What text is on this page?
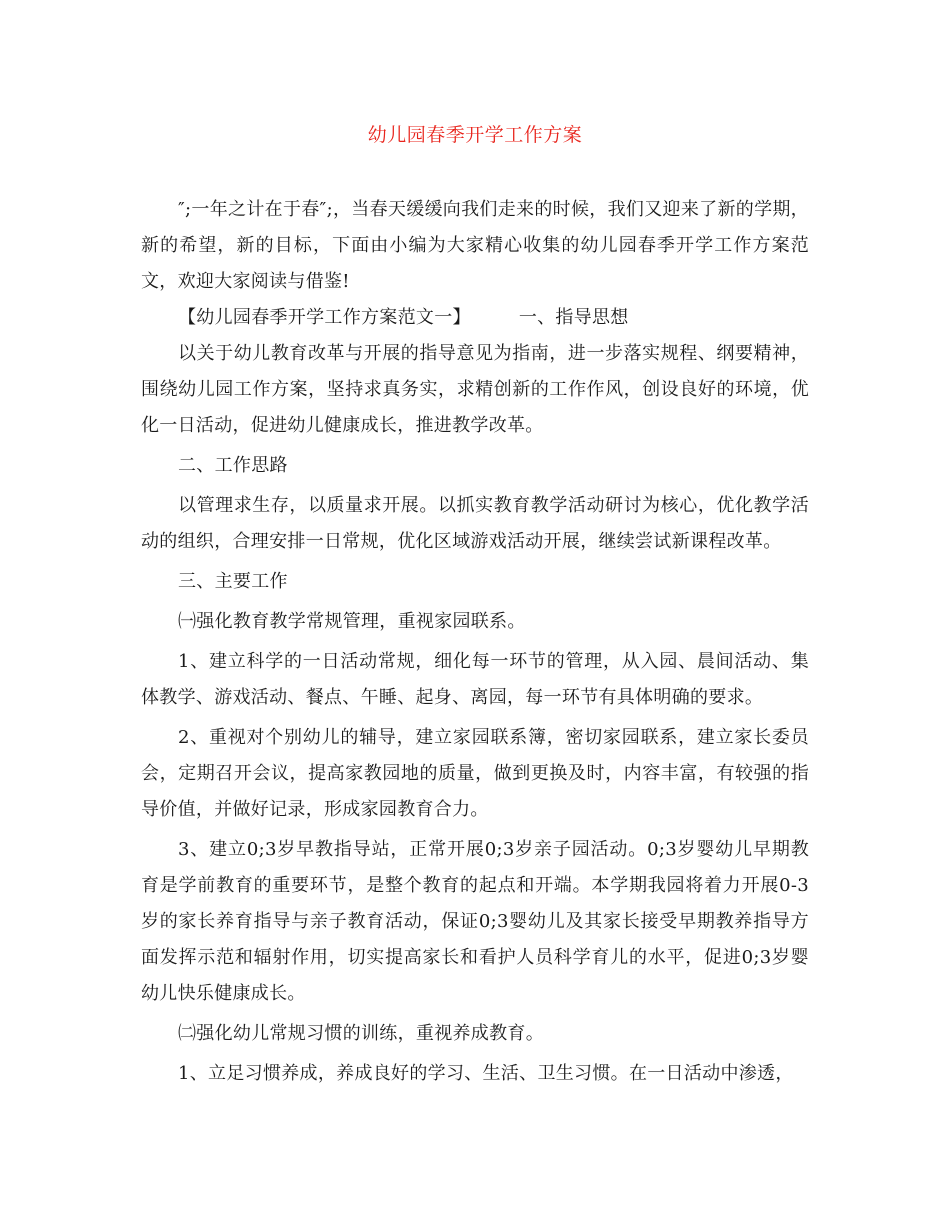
幼儿园春季开学工作方案

″;一年之计在于春″;，当春天缓缓向我们走来的时候，我们又迎来了新的学期，新的希望，新的目标，下面由小编为大家精心收集的幼儿园春季开学工作方案范文，欢迎大家阅读与借鉴!

【幼儿园春季开学工作方案范文一】	一、指导思想

以关于幼儿教育改革与开展的指导意见为指南，进一步落实规程、纲要精神，围绕幼儿园工作方案，坚持求真务实，求精创新的工作作风，创设良好的环境，优化一日活动，促进幼儿健康成长，推进教学改革。

二、工作思路

以管理求生存，以质量求开展。以抓实教育教学活动研讨为核心，优化教学活动的组织，合理安排一日常规，优化区域游戏活动开展，继续尝试新课程改革。

三、主要工作

㈠强化教育教学常规管理，重视家园联系。

1、建立科学的一日活动常规，细化每一环节的管理，从入园、晨间活动、集体教学、游戏活动、餐点、午睡、起身、离园，每一环节有具体明确的要求。

2、重视对个别幼儿的辅导，建立家园联系簿，密切家园联系，建立家长委员会，定期召开会议，提高家教园地的质量，做到更换及时，内容丰富，有较强的指导价值，并做好记录，形成家园教育合力。

3、建立0;3岁早教指导站，正常开展0;3岁亲子园活动。0;3岁婴幼儿早期教育是学前教育的重要环节，是整个教育的起点和开端。本学期我园将着力开展0-3岁的家长养育指导与亲子教育活动，保证0;3婴幼儿及其家长接受早期教养指导方面发挥示范和辐射作用，切实提高家长和看护人员科学育儿的水平，促进0;3岁婴幼儿快乐健康成长。

㈡强化幼儿常规习惯的训练，重视养成教育。

1、立足习惯养成，养成良好的学习、生活、卫生习惯。在一日活动中渗透，
